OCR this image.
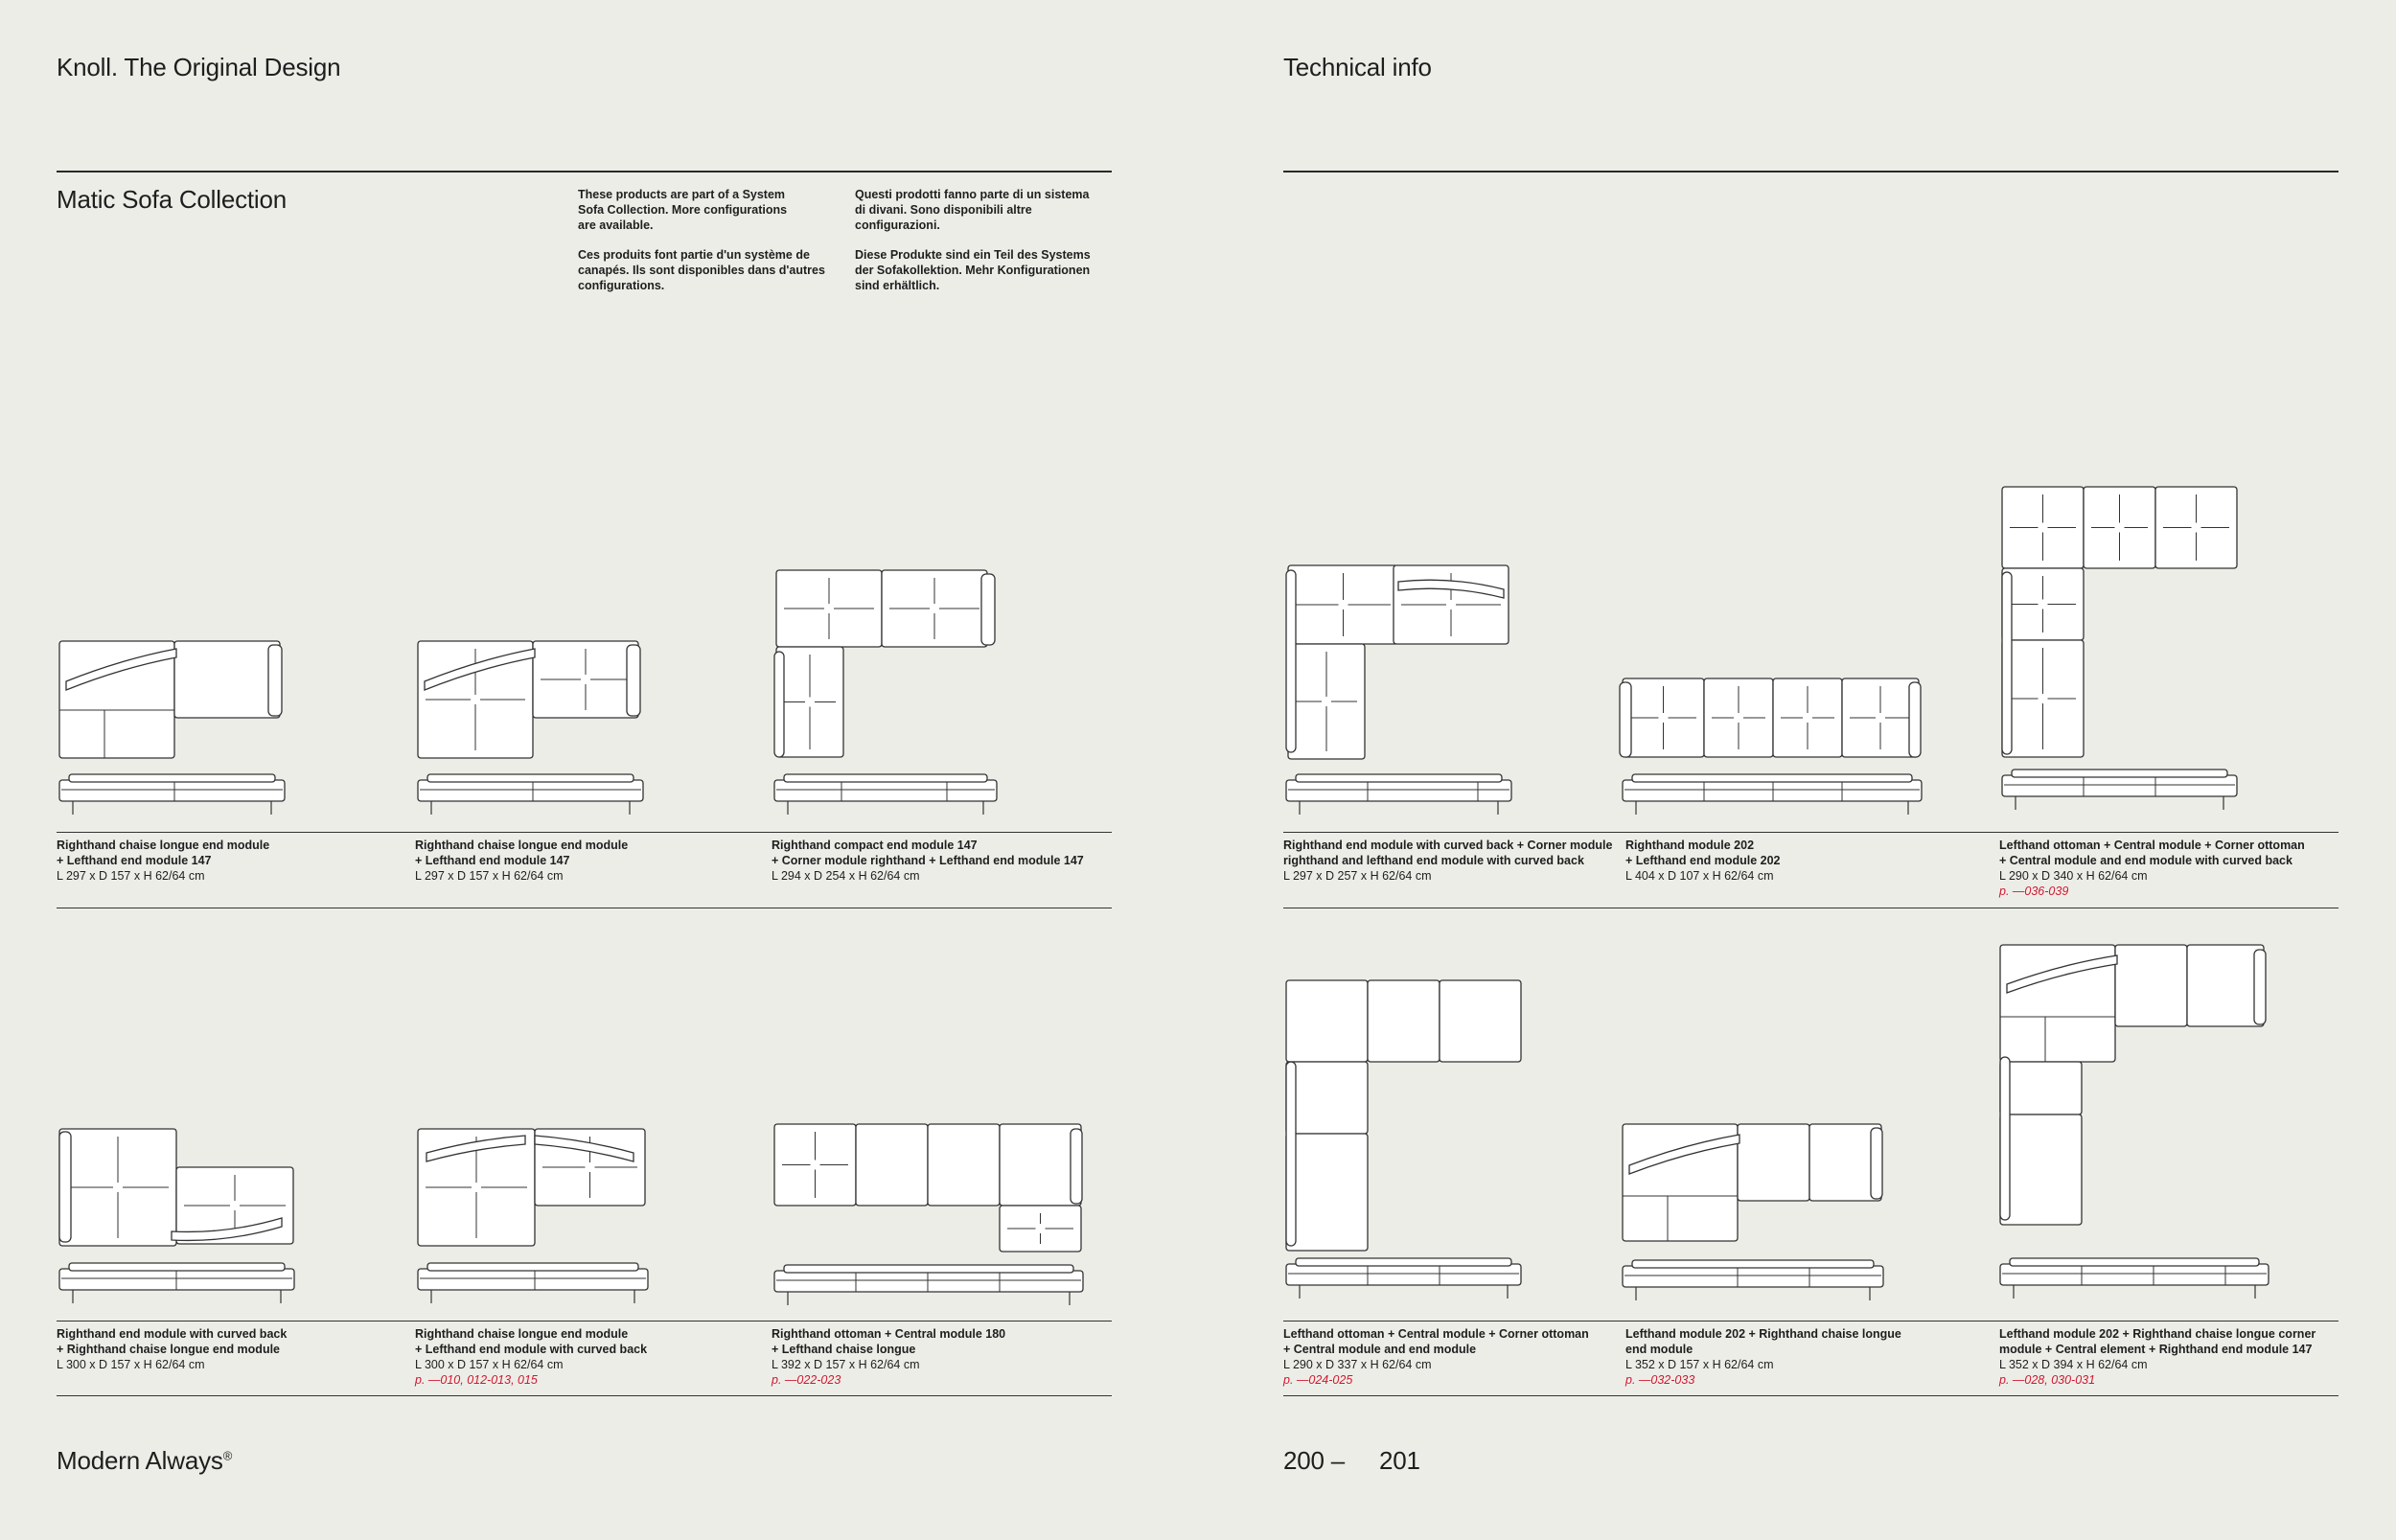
Knoll. The Original Design	Technical info
Matic Sofa Collection	These products are part of a System
Sofa Collection. More configurations
are available.

Ces produits font partie d'un système de
canapés. Ils sont disponibles dans d'autres
configurations.

Questi prodotti fanno parte di un sistema
di divani. Sono disponibili altre
configurazioni.

Diese Produkte sind ein Teil des Systems
der Sofakollektion. Mehr Konfigurationen
sind erhältlich.

Righthand chaise longue end module
+ Lefthand end module 147
L 297 x D 157 x H 62/64 cm
Righthand chaise longue end module
+ Lefthand end module 147
L 297 x D 157 x H 62/64 cm
Righthand compact end module 147
+ Corner module righthand + Lefthand end module 147
L 294 x D 254 x H 62/64 cm
Righthand end module with curved back + Corner module
righthand and lefthand end module with curved back
L 297 x D 257 x H 62/64 cm
Righthand module 202
+ Lefthand end module 202
L 404 x D 107 x H 62/64 cm
Lefthand ottoman + Central module + Corner ottoman
+ Central module and end module with curved back
L 290 x D 340 x H 62/64 cm
p. —036-039
Righthand end module with curved back
+ Righthand chaise longue end module
L 300 x D 157 x H 62/64 cm
Righthand chaise longue end module
+ Lefthand end module with curved back
L 300 x D 157 x H 62/64 cm
p. —010, 012-013, 015
Righthand ottoman + Central module 180
+ Lefthand chaise longue
L 392 x D 157 x H 62/64 cm
p. —022-023
Lefthand ottoman + Central module + Corner ottoman
+ Central module and end module
L 290 x D 337 x H 62/64 cm
p. —024-025
Lefthand module 202 + Righthand chaise longue
end module
L 352 x D 157 x H 62/64 cm
p. —032-033
Lefthand module 202 + Righthand chaise longue corner
module + Central element + Righthand end module 147
L 352 x D 394 x H 62/64 cm
p. —028, 030-031
Modern Always®	200 – 201
